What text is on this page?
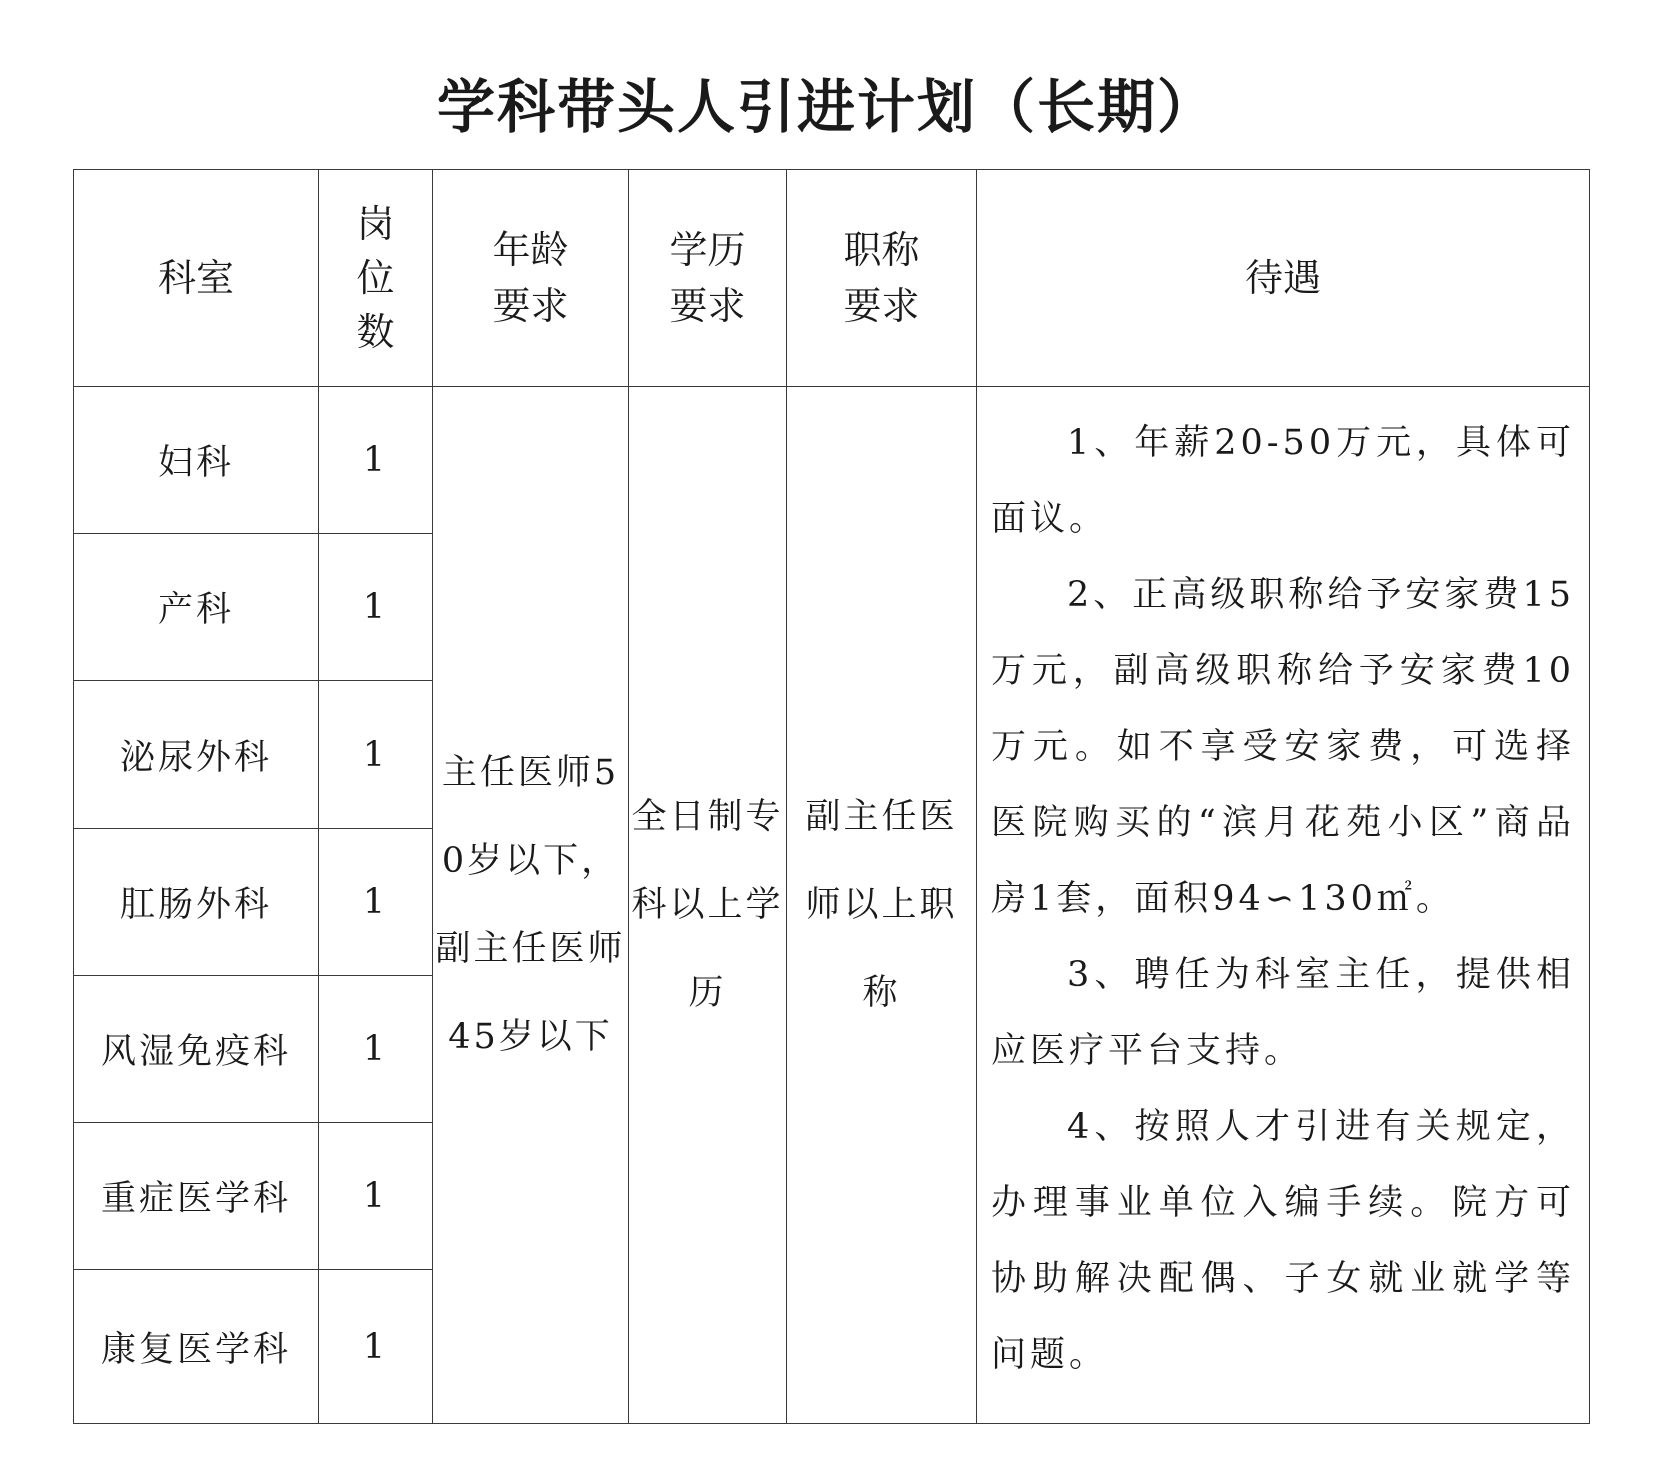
学科带头人引进计划（长期）
科室	岗位数	年龄要求	学历要求	职称要求	待遇
妇科	1	主任医师50岁以下，副主任医师45岁以下	全日制专科以上学历	副主任医师以上职称	1、年薪20-50万元，具体可面议。

2、正高级职称给予安家费15万元，副高级职称给予安家费10万元。如不享受安家费，可选择医院购买的“滨月花苑小区”商品房1套，面积94∽130㎡。

3、聘任为科室主任，提供相应医疗平台支持。

4、按照人才引进有关规定，办理事业单位入编手续。院方可协助解决配偶、子女就业就学等问题。

产科	1				
泌尿外科	1				
肛肠外科	1				
风湿免疫科	1				
重症医学科	1				
康复医学科	1				
